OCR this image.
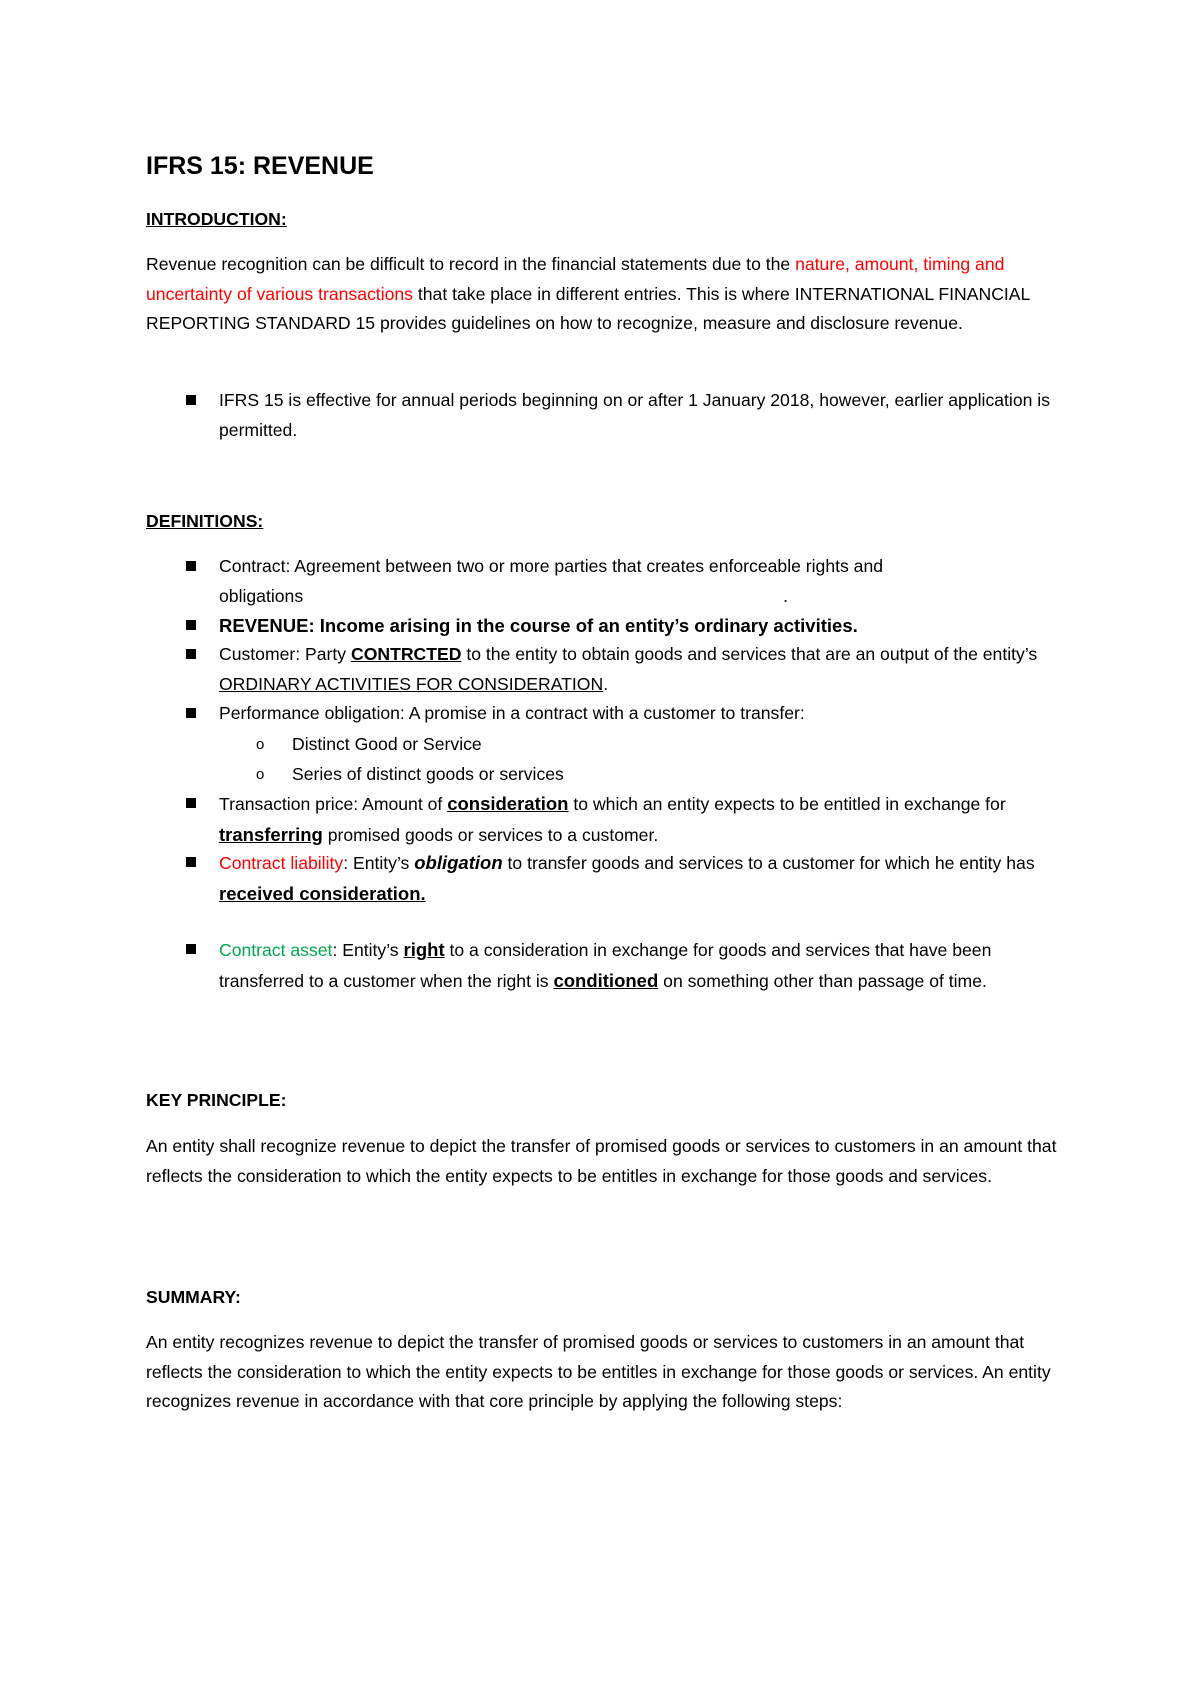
IFRS 15: REVENUE
INTRODUCTION:

Revenue recognition can be difficult to record in the financial statements due to the nature, amount, timing and uncertainty of various transactions that take place in different entries. This is where INTERNATIONAL FINANCIAL REPORTING STANDARD 15 provides guidelines on how to recognize, measure and disclosure revenue.

IFRS 15 is effective for annual periods beginning on or after 1 January 2018, however, earlier application is permitted.
DEFINITIONS:
Contract: Agreement between two or more parties that creates enforceable rights and obligations	.
REVENUE: Income arising in the course of an entity’s ordinary activities.
Customer: Party CONTRCTED to the entity to obtain goods and services that are an output of the entity’s ORDINARY ACTIVITIES FOR CONSIDERATION.
Performance obligation: A promise in a contract with a customer to transfer:
o Distinct Good or Service
o Series of distinct goods or services
Transaction price: Amount of consideration to which an entity expects to be entitled in exchange for transferring promised goods or services to a customer.
Contract liability: Entity’s obligation to transfer goods and services to a customer for which he entity has received consideration.
Contract asset: Entity’s right to a consideration in exchange for goods and services that have been transferred to a customer when the right is conditioned on something other than passage of time.
KEY PRINCIPLE:

An entity shall recognize revenue to depict the transfer of promised goods or services to customers in an amount that reflects the consideration to which the entity expects to be entitles in exchange for those goods and services.

SUMMARY:

An entity recognizes revenue to depict the transfer of promised goods or services to customers in an amount that reflects the consideration to which the entity expects to be entitles in exchange for those goods or services. An entity recognizes revenue in accordance with that core principle by applying the following steps:
